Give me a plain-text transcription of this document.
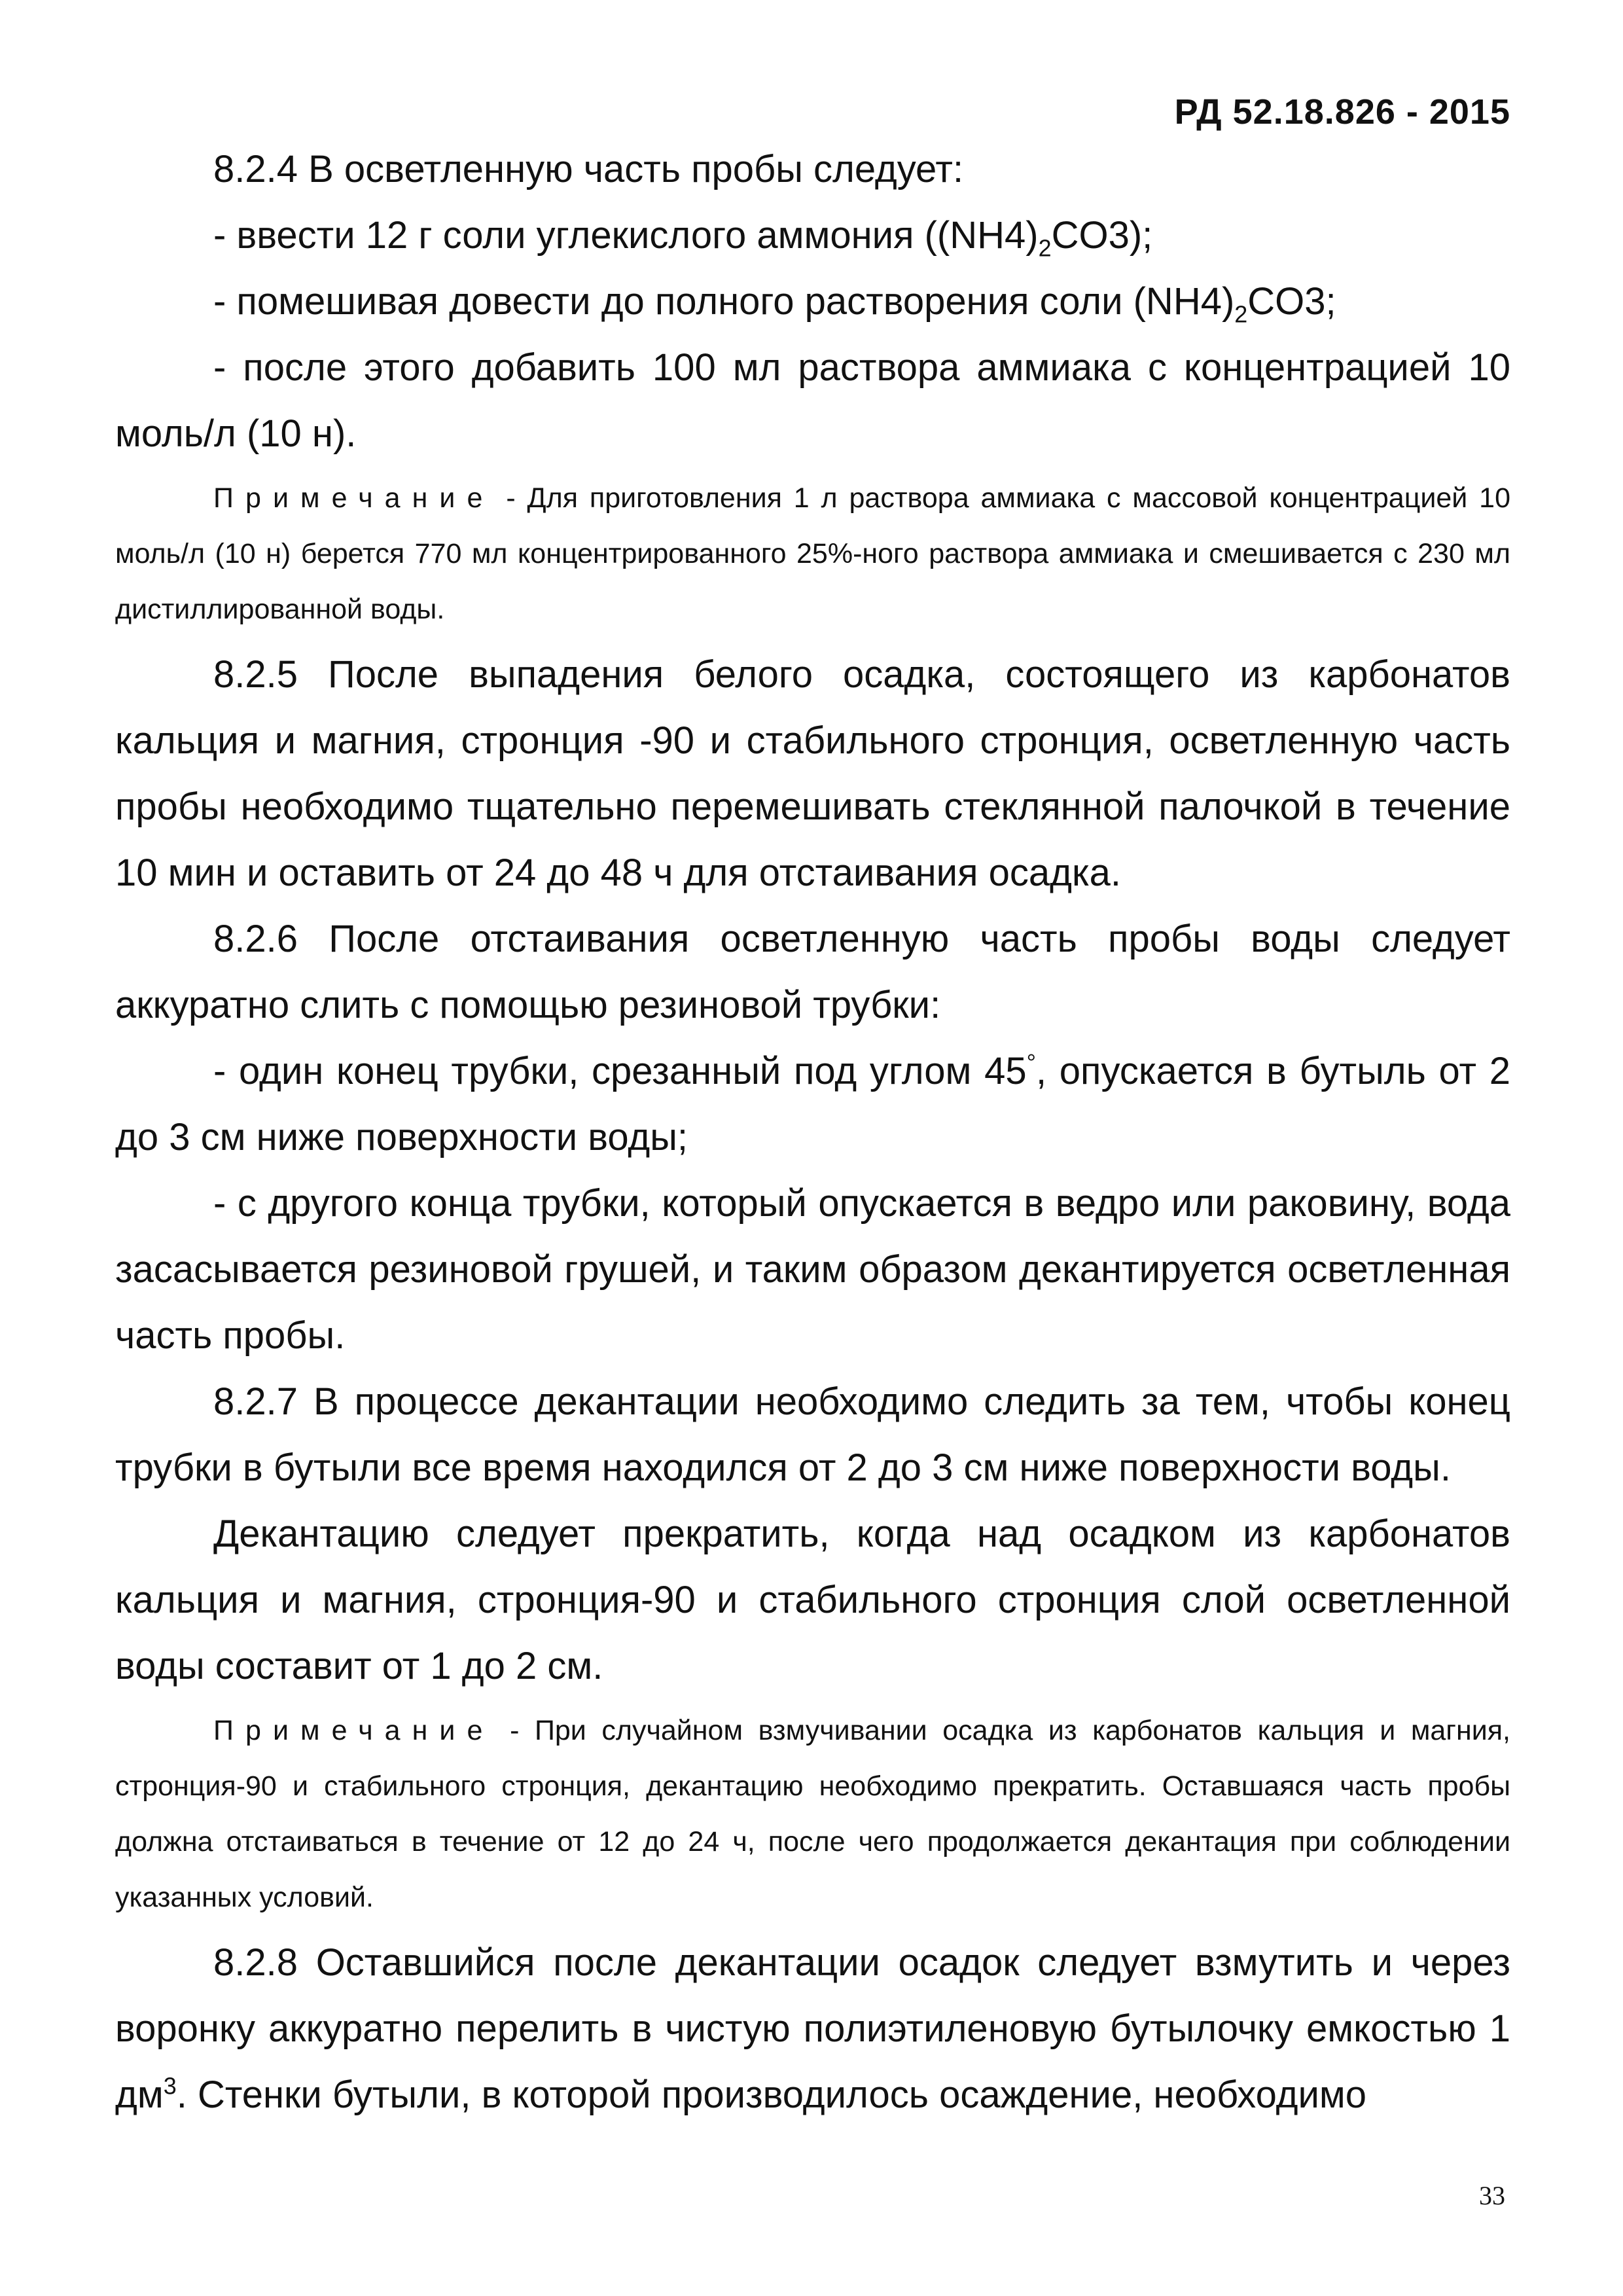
РД 52.18.826 - 2015

8.2.4 В осветленную часть пробы следует:

- ввести 12 г соли углекислого аммония $((NH4)_2CO3)$;

- помешивая довести до полного растворения соли $(NH4)_2CO3$;

- после этого добавить 100 мл раствора аммиака с концентрацией 10 моль/л (10 н).

Примечание - Для приготовления 1 л раствора аммиака с массовой концентрацией 10 моль/л (10 н) берется 770 мл концентрированного 25%-ного раствора аммиака и смешивается с 230 мл дистиллированной воды.

8.2.5 После выпадения белого осадка, состоящего из карбонатов кальция и магния, стронция -90 и стабильного стронция, осветленную часть пробы необходимо тщательно перемешивать стеклянной палочкой в течение 10 мин и оставить от 24 до 48 ч для отстаивания осадка.

8.2.6 После отстаивания осветленную часть пробы воды следует аккуратно слить с помощью резиновой трубки:

- один конец трубки, срезанный под углом 45°, опускается в бутыль от 2 до 3 см ниже поверхности воды;

- с другого конца трубки, который опускается в ведро или раковину, вода засасывается резиновой грушей, и таким образом декантируется осветленная часть пробы.

8.2.7 В процессе декантации необходимо следить за тем, чтобы конец трубки в бутыли все время находился от 2 до 3 см ниже поверхности воды.

Декантацию следует прекратить, когда над осадком из карбонатов кальция и магния, стронция-90 и стабильного стронция слой осветленной воды составит от 1 до 2 см.

Примечание - При случайном взмучивании осадка из карбонатов кальция и магния, стронция-90 и стабильного стронция, декантацию необходимо прекратить. Оставшаяся часть пробы должна отстаиваться в течение от 12 до 24 ч, после чего продолжается декантация при соблюдении указанных условий.

8.2.8 Оставшийся после декантации осадок следует взмутить и через воронку аккуратно перелить в чистую полиэтиленовую бутылочку емкостью 1 $дм^3$. Стенки бутыли, в которой производилось осаждение, необходимо

33
